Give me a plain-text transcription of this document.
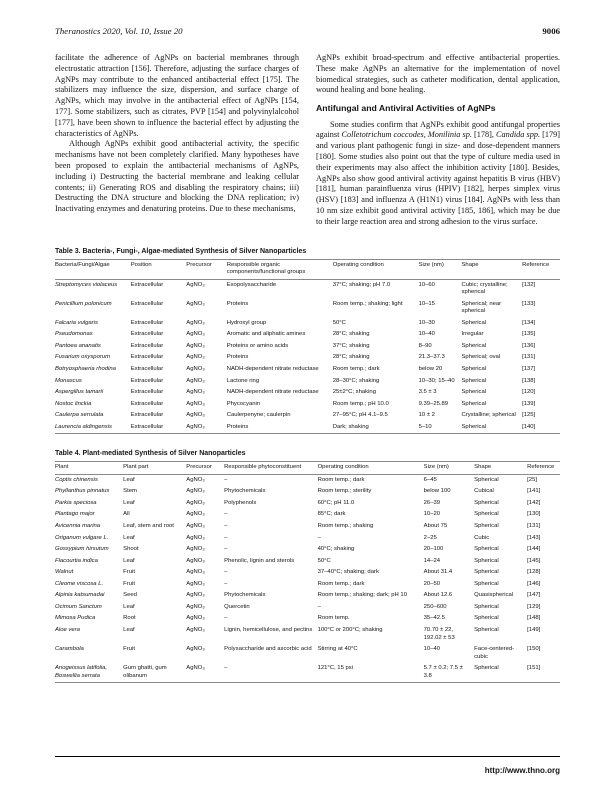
Theranostics 2020, Vol. 10, Issue 20	9006

facilitate the adherence of AgNPs on bacterial membranes through electrostatic attraction [156]. Therefore, adjusting the surface charges of AgNPs may contribute to the enhanced antibacterial effect [175]. The stabilizers may influence the size, dispersion, and surface charge of AgNPs, which may involve in the antibacterial effect of AgNPs [154, 177]. Some stabilizers, such as citrates, PVP [154] and polyvinylalcohol [177], have been shown to influence the bacterial effect by adjusting the characteristics of AgNPs.

Although AgNPs exhibit good antibacterial activity, the specific mechanisms have not been completely clarified. Many hypotheses have been proposed to explain the antibacterial mechanisms of AgNPs, including i) Destructing the bacterial membrane and leaking cellular contents; ii) Generating ROS and disabling the respiratory chains; iii) Destructing the DNA structure and blocking the DNA replication; iv) Inactivating enzymes and denaturing proteins. Due to these mechanisms,

AgNPs exhibit broad-spectrum and effective antibacterial properties. These make AgNPs an alternative for the implementation of novel biomedical strategies, such as catheter modification, dental application, wound healing and bone healing.

Antifungal and Antiviral Activities of AgNPs

Some studies confirm that AgNPs exhibit good antifungal properties against Colletotrichum coccodes, Monilinia sp. [178], Candida spp. [179] and various plant pathogenic fungi in size- and dose-dependent manners [180]. Some studies also point out that the type of culture media used in their experiments may also affect the inhibition activity [180]. Besides, AgNPs also show good antiviral activity against hepatitis B virus (HBV) [181], human parainfluenza virus (HPIV) [182], herpes simplex virus (HSV) [183] and influenza A (H1N1) virus [184]. AgNPs with less than 10 nm size exhibit good antiviral activity [185, 186], which may be due to their large reaction area and strong adhesion to the virus surface.

Table 3. Bacteria-, Fungi-, Algae-mediated Synthesis of Silver Nanoparticles

Bacteria/Fungi/Algae	Position	Precursor	Responsible organic components/functional groups	Operating condition	Size (nm)	Shape	Reference
Streptomyces violaceus	Extracellular	AgNO₃	Exopolysaccharide	37°C; shaking; pH 7.0	10–60	Cubic; crystalline; spherical	[132]
Penicillium polonicum	Extracellular	AgNO₃	Proteins	Room temp.; shaking; light	10–15	Spherical; near spherical	[133]
Falcaria vulgaris	Extracellular	AgNO₃	Hydroxyl group	50°C	10–30	Spherical	[134]
Pseudomonas	Extracellular	AgNO₃	Aromatic and aliphatic amines	28°C; shaking	10–40	Irregular	[135]
Pantoea ananatis	Extracellular	AgNO₃	Proteins or amino acids	37°C; shaking	8–90	Spherical	[136]
Fusarium oxysporum	Extracellular	AgNO₃	Proteins	28°C; shaking	21.3–37.3	Spherical; oval	[131]
Botryosphaeria rhodina	Extracellular	AgNO₃	NADH-dependent nitrate reductase	Room temp.; dark	below 20	Spherical	[137]
Monascus	Extracellular	AgNO₃	Lactone ring	28–30°C; shaking	10–30; 15–40	Spherical	[138]
Aspergillus tamarii	Extracellular	AgNO₃	NADH-dependent nitrate reductase	25±2°C; shaking	3.5 ± 3	Spherical	[120]
Nostoc linckia	Extracellular	AgNO₃	Phycocyanin	Room temp.; pH 10.0	9.39–25.89	Spherical	[139]
Caulerpa serrulata	Extracellular	AgNO₃	Caulerpenyne; caulerpin	27–95°C; pH 4.1–9.5	10 ± 2	Crystalline; spherical	[125]
Laurencia aldingensis	Extracellular	AgNO₃	Proteins	Dark; shaking	5–10	Spherical	[140]

Table 4. Plant-mediated Synthesis of Silver Nanoparticles

Plant	Plant part	Precursor	Responsible phytoconstituent	Operating condition	Size (nm)	Shape	Reference
Coptis chinensis	Leaf	AgNO₃	–	Room temp.; dark	6–45	Spherical	[25]
Phyllanthus pinnatus	Stem	AgNO₃	Phytochemicals	Room temp.; sterility	below 100	Cubical	[141]
Parkia speciosa	Leaf	AgNO₃	Polyphenols	60°C; pH 11.0	26–39	Spherical	[142]
Plantago major	All	AgNO₃	–	85°C; dark	10–20	Spherical	[130]
Avicennia marina	Leaf, stem and root	AgNO₃	–	Room temp.; shaking	About 75	Spherical	[131]
Origanum vulgare L.	Leaf	AgNO₃	–	–	2–25	Cubic	[143]
Gossypium hirsutum	Shoot	AgNO₃	–	40°C; shaking	20–100	Spherical	[144]
Flacourtia indica	Leaf	AgNO₃	Phenolic, lignin and sterols	50°C	14–24	Spherical	[145]
Walnut	Fruit	AgNO₃	–	37–40°C; shaking; dark	About 31.4	Spherical	[128]
Cleome viscosa L.	Fruit	AgNO₃	–	Room temp.; dark	20–50	Spherical	[146]
Alpinia katsumadai	Seed	AgNO₃	Phytochemicals	Room temp.; shaking; dark; pH 10	About 12.6	Quasispherical	[147]
Ocimum Sanctum	Leaf	AgNO₃	Quercetin	–	250–600	Spherical	[129]
Mimosa Pudica	Root	AgNO₃	–	Room temp.	35–42.5	Spherical	[148]
Aloe vera	Leaf	AgNO₃	Lignin, hemicellulose, and pectins	100°C or 200°C; shaking	70.70 ± 22, 192.02 ± 53	Spherical	[149]
Carambola	Fruit	AgNO₃	Polysaccharide and ascorbic acid	Stirring at 40°C	10–40	Face-centered-cubic	[150]
Anogeissus latifolia, Boswellia serrata	Gum ghatti, gum olibanum	AgNO₃	–	121°C, 15 psi	5.7 ± 0.2; 7.5 ± 3.8	Spherical	[151]
http://www.thno.org
